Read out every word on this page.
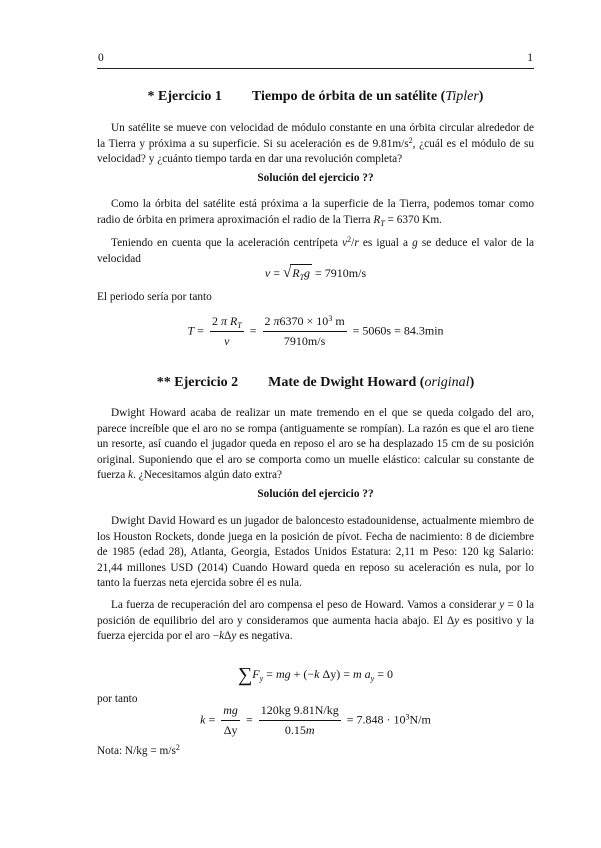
0	1
* Ejercicio 1 Tiempo de órbita de un satélite (Tipler)
Un satélite se mueve con velocidad de módulo constante en una órbita circular alrededor de la Tierra y próxima a su superficie. Si su aceleración es de $9.81m/s^2$, ¿cuál es el módulo de su velocidad? y ¿cuánto tiempo tarda en dar una revolución completa?
Solución del ejercicio ??
Como la órbita del satélite está próxima a la superficie de la Tierra, podemos tomar como radio de órbita en primera aproximación el radio de la Tierra $R_T = 6370$ Km.
Teniendo en cuenta que la aceleración centrípeta $v^2/r$ es igual a g se deduce el valor de la velocidad
$v = √R_Tg = 7910m/s$
El periodo sería por tanto
$T = \frac{2 \pi R_T}{v} = \frac{2 \pi 6370 \times 10^3 m}{7910m/s} = 5060s = 84.3\min$
** Ejercicio 2 Mate de Dwight Howard (original)
Dwight Howard acaba de realizar un mate tremendo en el que se queda colgado del aro, parece increíble que el aro no se rompa (antiguamente se rompían). La razón es que el aro tiene un resorte, así cuando el jugador queda en reposo el aro se ha desplazado 15 cm de su posición original. Suponiendo que el aro se comporta como un muelle elástico: calcular su constante de fuerza k. ¿Necesitamos algún dato extra?
Solución del ejercicio ??
Dwight David Howard es un jugador de baloncesto estadounidense, actualmente miembro de los Houston Rockets, donde juega en la posición de pívot. Fecha de nacimiento: 8 de diciembre de 1985 (edad 28), Atlanta, Georgia, Estados Unidos Estatura: 2,11 m Peso: 120 kg Salario: 21,44 millones USD (2014) Cuando Howard queda en reposo su aceleración es nula, por lo tanto la fuerzas neta ejercida sobre él es nula.
La fuerza de recuperación del aro compensa el peso de Howard. Vamos a considerar y = 0 la posición de equilibrio del aro y consideramos que aumenta hacia abajo. El Δy es positivo y la fuerza ejercida por el aro −kΔy es negativa.
$\sum F_y$ = mg + (−k Δy) = m $a_y = 0$
por tanto
$k = \frac{mg}{\Delta y} = \frac{120kg 9.81N/kg}{0.15m} = 7.848 \cdot 10^3N/m$
Nota: $N/kg = m/s^2$
